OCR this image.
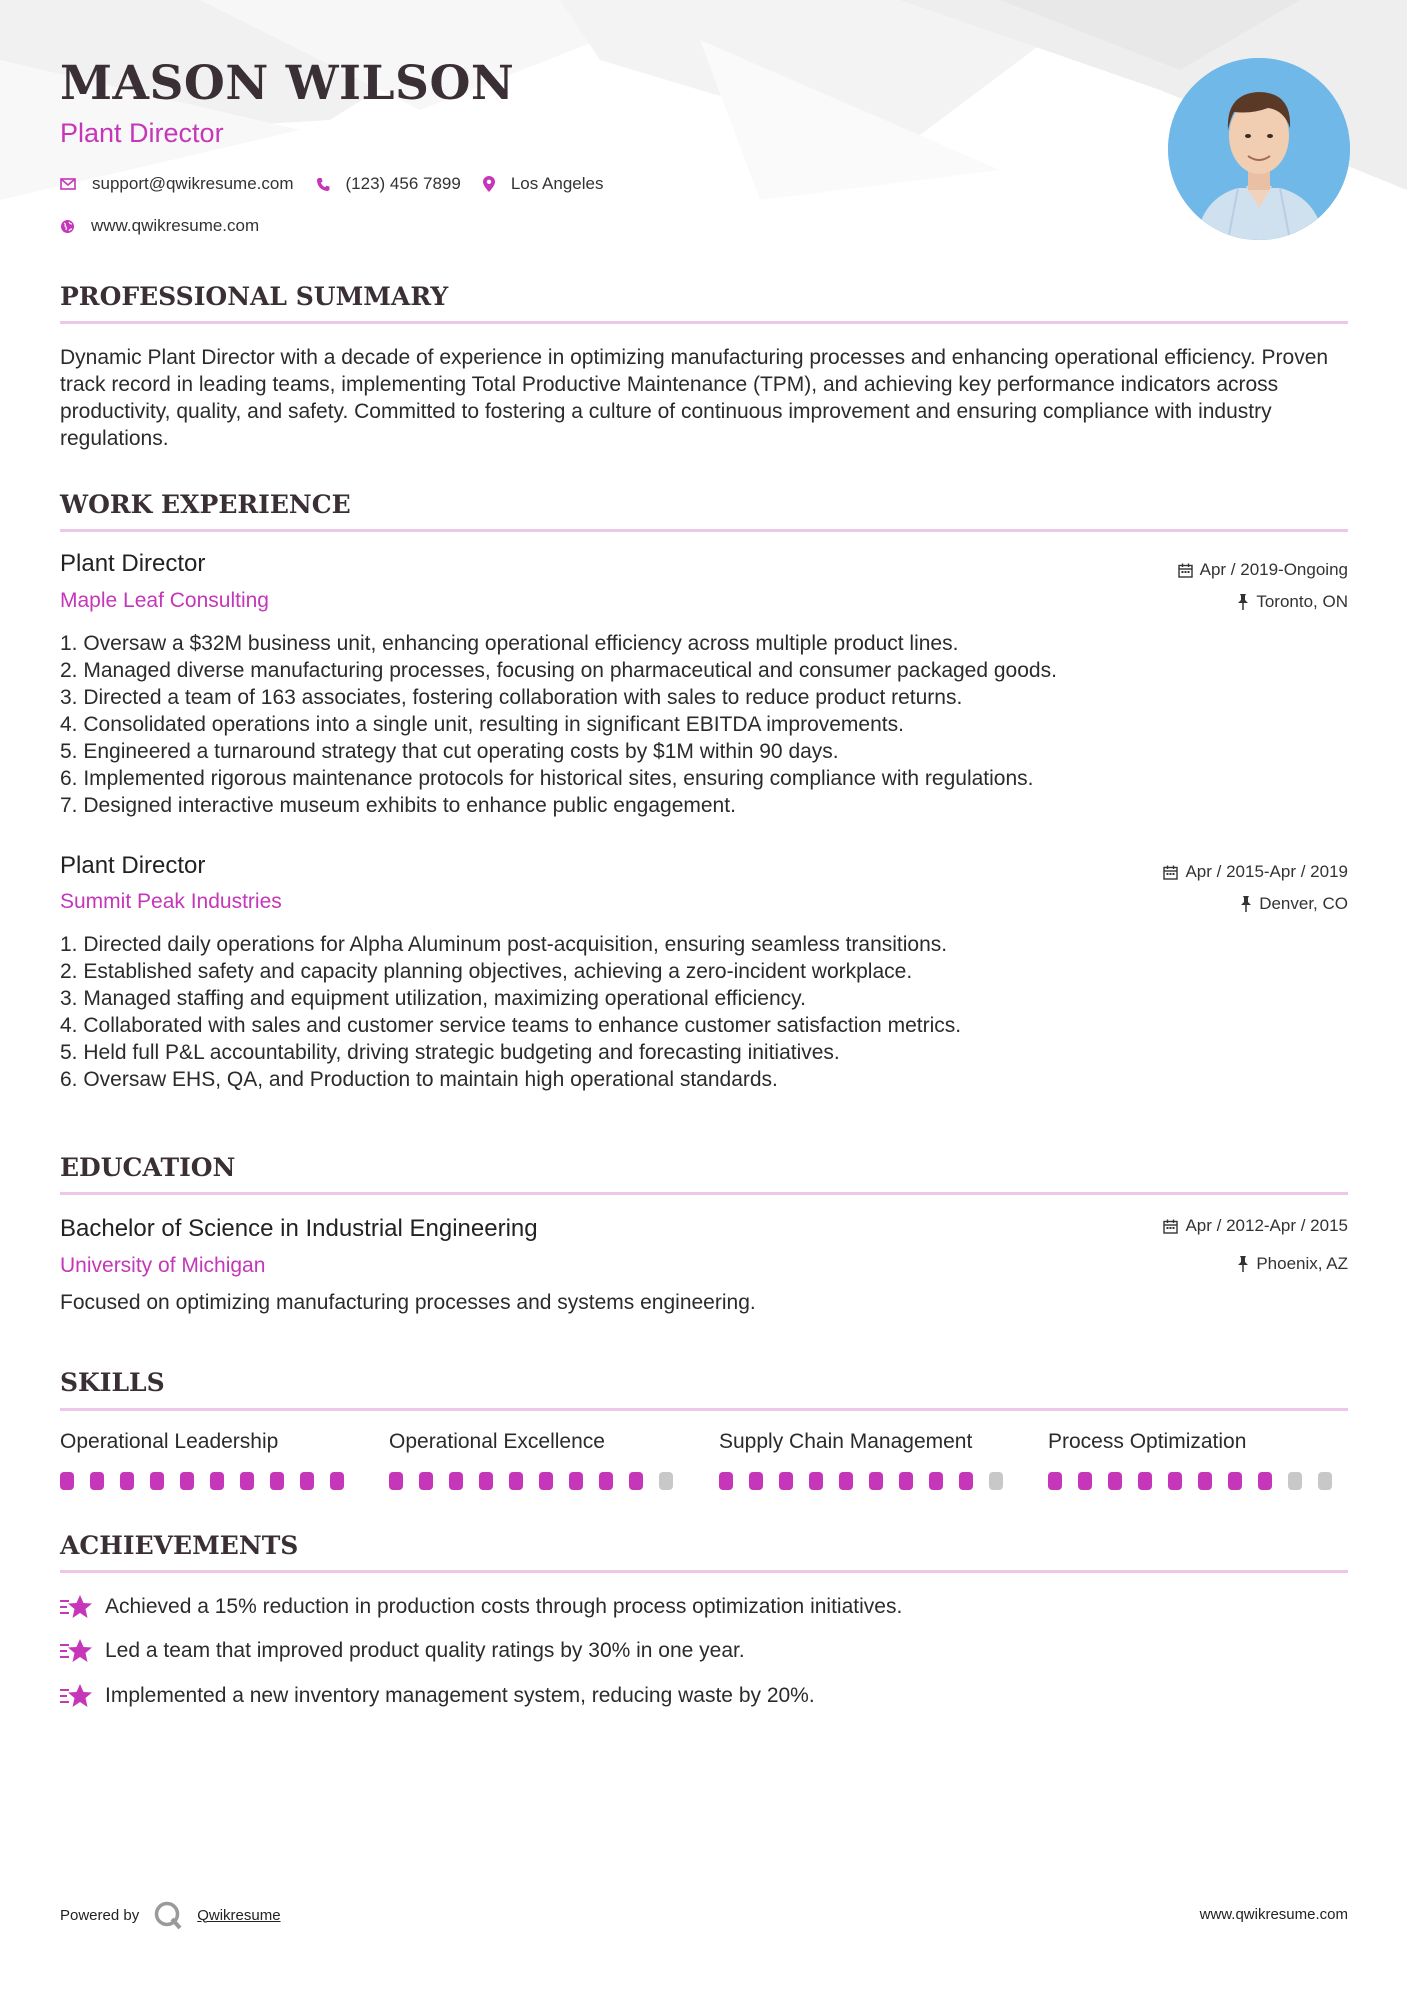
MASON WILSON
Plant Director
support@qwikresume.com	(123) 456 7899	Los Angeles
www.qwikresume.com
PROFESSIONAL SUMMARY
Dynamic Plant Director with a decade of experience in optimizing manufacturing processes and enhancing operational efficiency. Proven track record in leading teams, implementing Total Productive Maintenance (TPM), and achieving key performance indicators across productivity, quality, and safety. Committed to fostering a culture of continuous improvement and ensuring compliance with industry regulations.
WORK EXPERIENCE
Plant Director
Maple Leaf Consulting
Apr / 2019-Ongoing
Toronto, ON
1. Oversaw a $32M business unit, enhancing operational efficiency across multiple product lines.
2. Managed diverse manufacturing processes, focusing on pharmaceutical and consumer packaged goods.
3. Directed a team of 163 associates, fostering collaboration with sales to reduce product returns.
4. Consolidated operations into a single unit, resulting in significant EBITDA improvements.
5. Engineered a turnaround strategy that cut operating costs by $1M within 90 days.
6. Implemented rigorous maintenance protocols for historical sites, ensuring compliance with regulations.
7. Designed interactive museum exhibits to enhance public engagement.
Plant Director
Summit Peak Industries
Apr / 2015-Apr / 2019
Denver, CO
1. Directed daily operations for Alpha Aluminum post-acquisition, ensuring seamless transitions.
2. Established safety and capacity planning objectives, achieving a zero-incident workplace.
3. Managed staffing and equipment utilization, maximizing operational efficiency.
4. Collaborated with sales and customer service teams to enhance customer satisfaction metrics.
5. Held full P&L accountability, driving strategic budgeting and forecasting initiatives.
6. Oversaw EHS, QA, and Production to maintain high operational standards.
EDUCATION
Bachelor of Science in Industrial Engineering
University of Michigan
Apr / 2012-Apr / 2015
Phoenix, AZ
Focused on optimizing manufacturing processes and systems engineering.
SKILLS
Operational Leadership	Operational Excellence	Supply Chain Management	Process Optimization
ACHIEVEMENTS
Achieved a 15% reduction in production costs through process optimization initiatives.
Led a team that improved product quality ratings by 30% in one year.
Implemented a new inventory management system, reducing waste by 20%.
Powered by	Qwikresume	www.qwikresume.com
